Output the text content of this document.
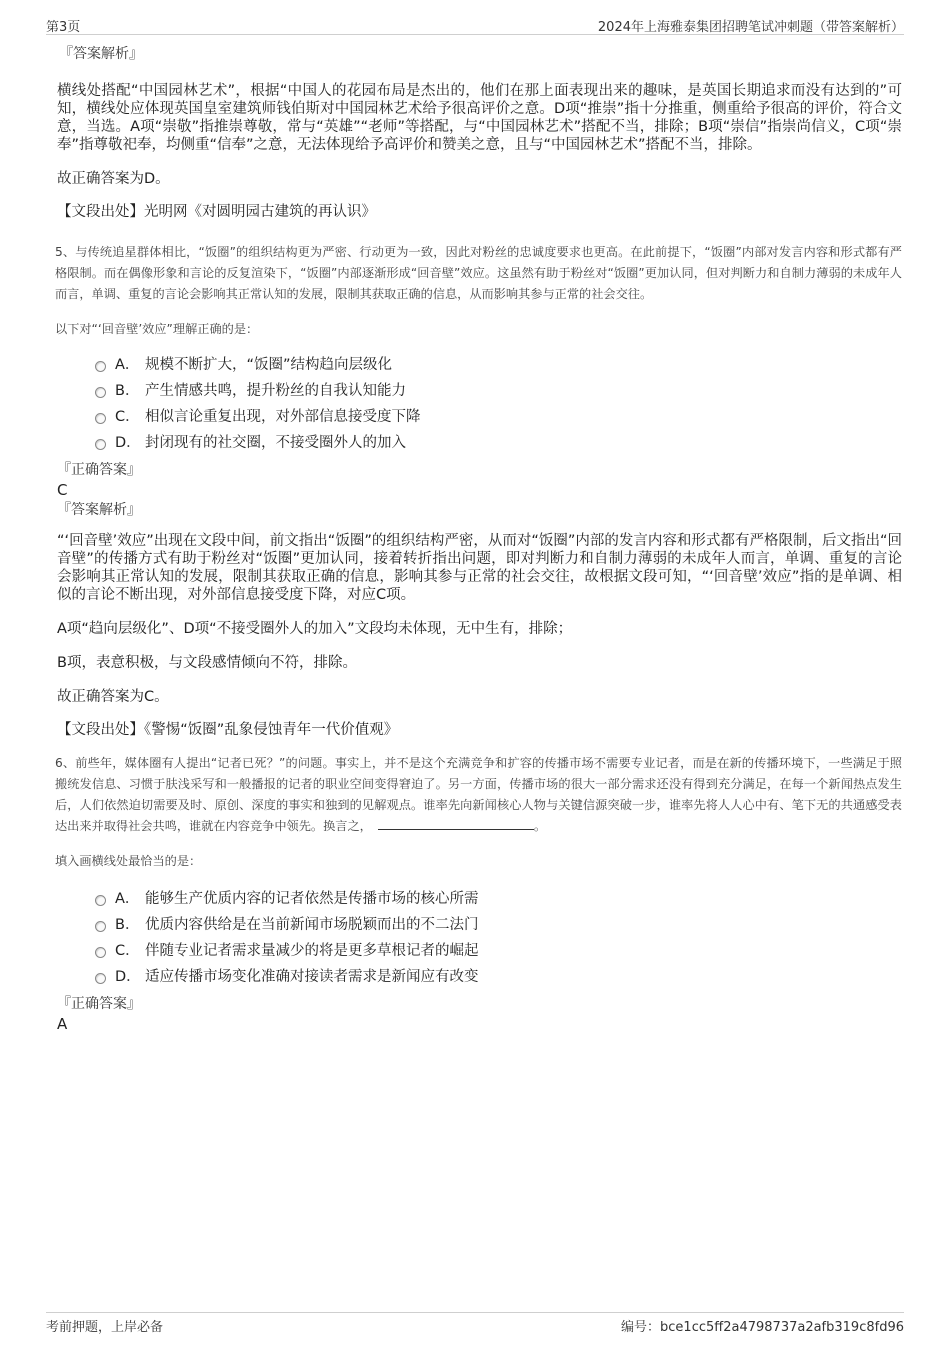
第3页	2024年上海雅泰集团招聘笔试冲刺题（带答案解析）
『答案解析』

横线处搭配“中国园林艺术”，根据“中国人的花园布局是杰出的，他们在那上面表现出来的趣味，是英国长期追求而没有达到的”可知，横线处应体现英国皇室建筑师钱伯斯对中国园林艺术给予很高评价之意。D项“推崇”指十分推重，侧重给予很高的评价，符合文意，当选。A项“崇敬”指推崇尊敬，常与“英雄”“老师”等搭配，与“中国园林艺术”搭配不当，排除；B项“崇信”指崇尚信义，C项“崇奉”指尊敬祀奉，均侧重“信奉”之意，无法体现给予高评价和赞美之意，且与“中国园林艺术”搭配不当，排除。

故正确答案为D。

【文段出处】光明网《对圆明园古建筑的再认识》

5、与传统追星群体相比，“饭圈”的组织结构更为严密、行动更为一致，因此对粉丝的忠诚度要求也更高。在此前提下，“饭圈”内部对发言内容和形式都有严格限制。而在偶像形象和言论的反复渲染下，“饭圈”内部逐渐形成“回音壁”效应。这虽然有助于粉丝对“饭圈”更加认同，但对判断力和自制力薄弱的未成年人而言，单调、重复的言论会影响其正常认知的发展，限制其获取正确的信息，从而影响其参与正常的社会交往。

以下对“‘回音壁’效应”理解正确的是：

A． 规模不断扩大，“饭圈”结构趋向层级化
B． 产生情感共鸣，提升粉丝的自我认知能力
C． 相似言论重复出现，对外部信息接受度下降
D． 封闭现有的社交圈，不接受圈外人的加入
『正确答案』
C
『答案解析』

“‘回音壁’效应”出现在文段中间，前文指出“饭圈”的组织结构严密，从而对“饭圈”内部的发言内容和形式都有严格限制，后文指出“回音壁”的传播方式有助于粉丝对“饭圈”更加认同，接着转折指出问题，即对判断力和自制力薄弱的未成年人而言，单调、重复的言论会影响其正常认知的发展，限制其获取正确的信息，影响其参与正常的社会交往，故根据文段可知，“‘回音壁’效应”指的是单调、相似的言论不断出现，对外部信息接受度下降，对应C项。

A项“趋向层级化”、D项“不接受圈外人的加入”文段均未体现，无中生有，排除；

B项，表意积极，与文段感情倾向不符，排除。

故正确答案为C。

【文段出处】《警惕“饭圈”乱象侵蚀青年一代价值观》

6、前些年，媒体圈有人提出“记者已死？”的问题。事实上，并不是这个充满竞争和扩容的传播市场不需要专业记者，而是在新的传播环境下，一些满足于照搬统发信息、习惯于肤浅采写和一般播报的记者的职业空间变得窘迫了。另一方面，传播市场的很大一部分需求还没有得到充分满足，在每一个新闻热点发生后，人们依然迫切需要及时、原创、深度的事实和独到的见解观点。谁率先向新闻核心人物与关键信源突破一步，谁率先将人人心中有、笔下无的共通感受表达出来并取得社会共鸣，谁就在内容竞争中领先。换言之，	。

填入画横线处最恰当的是：

A． 能够生产优质内容的记者依然是传播市场的核心所需
B． 优质内容供给是在当前新闻市场脱颖而出的不二法门
C． 伴随专业记者需求量减少的将是更多草根记者的崛起
D． 适应传播市场变化准确对接读者需求是新闻应有改变
『正确答案』
A
考前押题，上岸必备	编号：bce1cc5ff2a4798737a2afb319c8fd96
